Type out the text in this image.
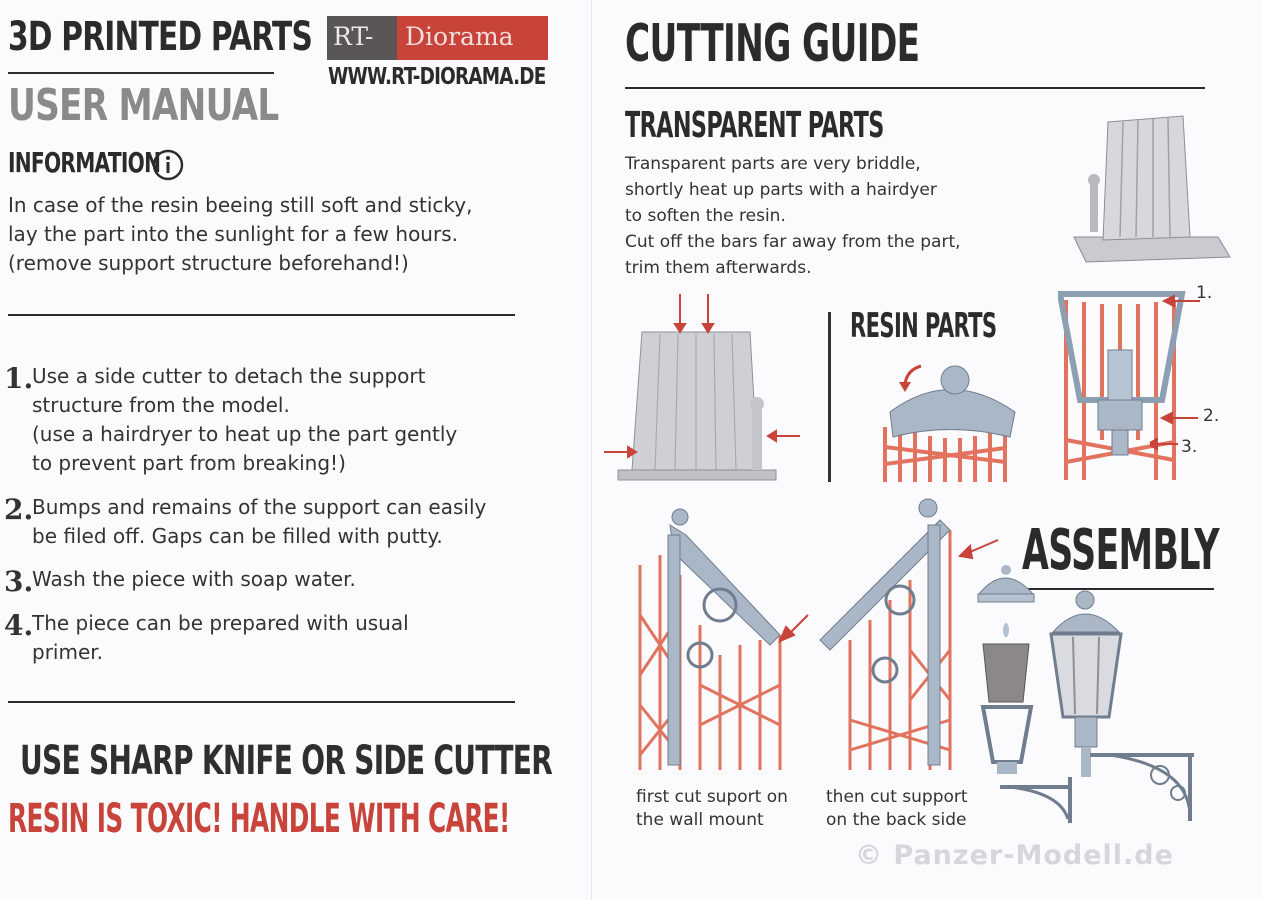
3D PRINTED PARTS
USER MANUAL
RT- Diorama
WWW.RT-DIORAMA.DE
INFORMATION
In case of the resin beeing still soft and sticky,
lay the part into the sunlight for a few hours.
(remove support structure beforehand!)
1.
Use a side cutter to detach the support
structure from the model.
(use a hairdryer to heat up the part gently
to prevent part from breaking!)
2.
Bumps and remains of the support can easily
be filed off. Gaps can be filled with putty.
3.
Wash the piece with soap water.
4.
The piece can be prepared with usual
primer.
USE SHARP KNIFE OR SIDE CUTTER
RESIN IS TOXIC! HANDLE WITH CARE!
CUTTING GUIDE
TRANSPARENT PARTS
Transparent parts are very briddle,
shortly heat up parts with a hairdyer
to soften the resin.
Cut off the bars far away from the part,
trim them afterwards.
RESIN PARTS
1.
2.
3.
ASSEMBLY
first cut suport on
the wall mount
then cut support
on the back side
© Panzer-Modell.de
